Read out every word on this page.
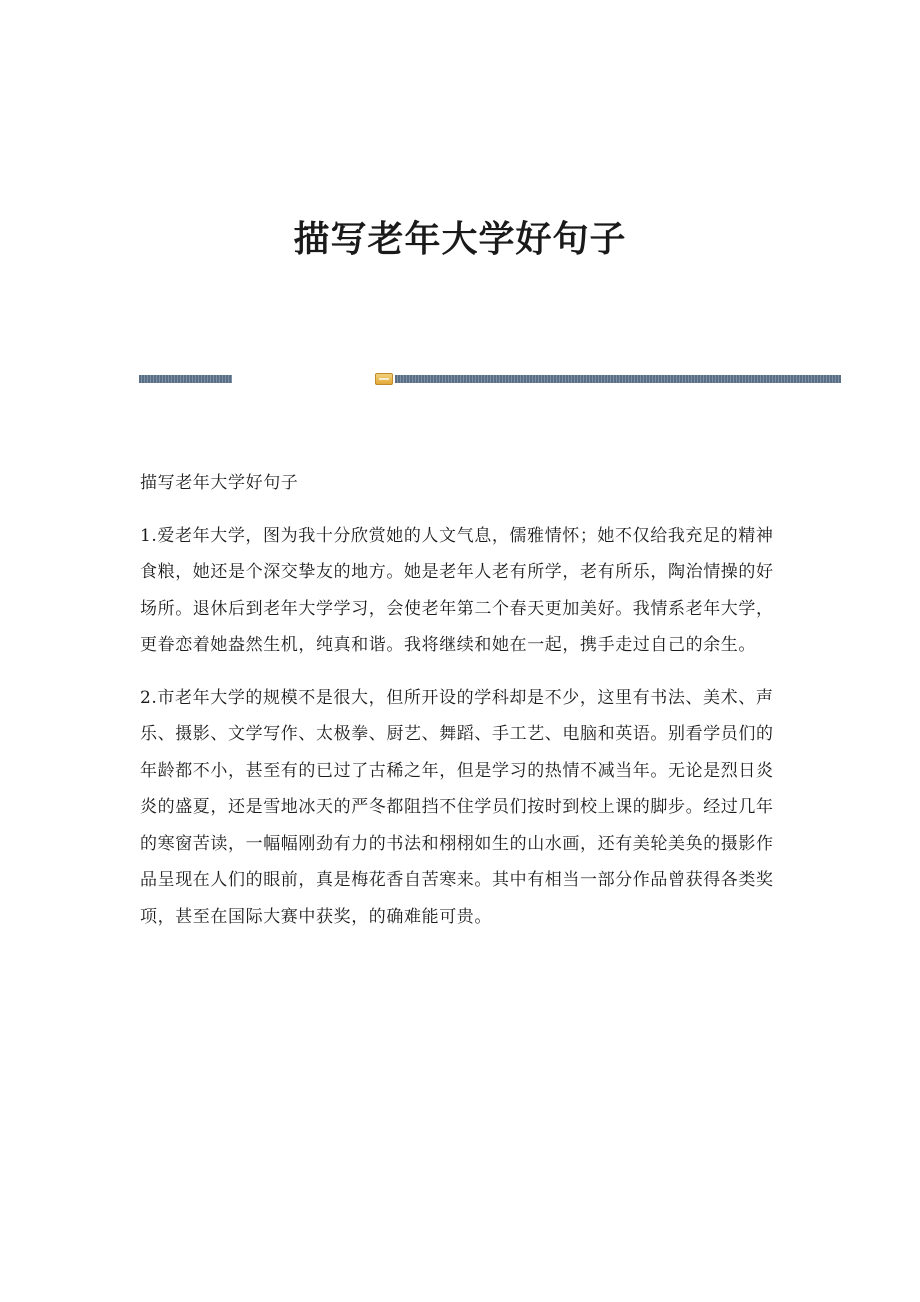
描写老年大学好句子

描写老年大学好句子

1.爱老年大学，图为我十分欣赏她的人文气息，儒雅情怀；她不仅给我充足的精神食粮，她还是个深交挚友的地方。她是老年人老有所学，老有所乐，陶治情操的好场所。退休后到老年大学学习，会使老年第二个春天更加美好。我情系老年大学，更眷恋着她盎然生机，纯真和谐。我将继续和她在一起，携手走过自己的余生。

2.市老年大学的规模不是很大，但所开设的学科却是不少，这里有书法、美术、声乐、摄影、文学写作、太极拳、厨艺、舞蹈、手工艺、电脑和英语。别看学员们的年龄都不小，甚至有的已过了古稀之年，但是学习的热情不减当年。无论是烈日炎炎的盛夏，还是雪地冰天的严冬都阻挡不住学员们按时到校上课的脚步。经过几年的寒窗苦读，一幅幅刚劲有力的书法和栩栩如生的山水画，还有美轮美奂的摄影作品呈现在人们的眼前，真是梅花香自苦寒来。其中有相当一部分作品曾获得各类奖项，甚至在国际大赛中获奖，的确难能可贵。
